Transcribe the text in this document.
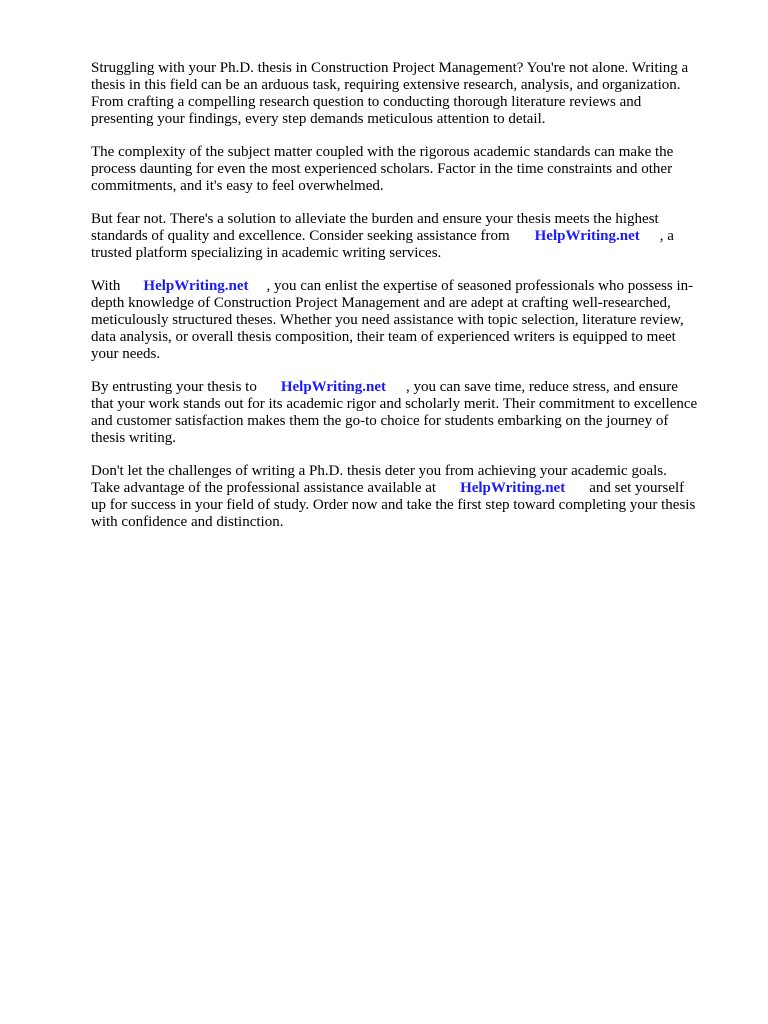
Struggling with your Ph.D. thesis in Construction Project Management? You're not alone. Writing a
thesis in this field can be an arduous task, requiring extensive research, analysis, and organization.
From crafting a compelling research question to conducting thorough literature reviews and
presenting your findings, every step demands meticulous attention to detail.

The complexity of the subject matter coupled with the rigorous academic standards can make the
process daunting for even the most experienced scholars. Factor in the time constraints and other
commitments, and it's easy to feel overwhelmed.

But fear not. There's a solution to alleviate the burden and ensure your thesis meets the highest
standards of quality and excellence. Consider seeking assistance from HelpWriting.net , a
trusted platform specializing in academic writing services.

With HelpWriting.net , you can enlist the expertise of seasoned professionals who possess in-
depth knowledge of Construction Project Management and are adept at crafting well-researched,
meticulously structured theses. Whether you need assistance with topic selection, literature review,
data analysis, or overall thesis composition, their team of experienced writers is equipped to meet
your needs.

By entrusting your thesis to HelpWriting.net , you can save time, reduce stress, and ensure
that your work stands out for its academic rigor and scholarly merit. Their commitment to excellence
and customer satisfaction makes them the go-to choice for students embarking on the journey of
thesis writing.

Don't let the challenges of writing a Ph.D. thesis deter you from achieving your academic goals.
Take advantage of the professional assistance available at HelpWriting.net and set yourself
up for success in your field of study. Order now and take the first step toward completing your thesis
with confidence and distinction.
